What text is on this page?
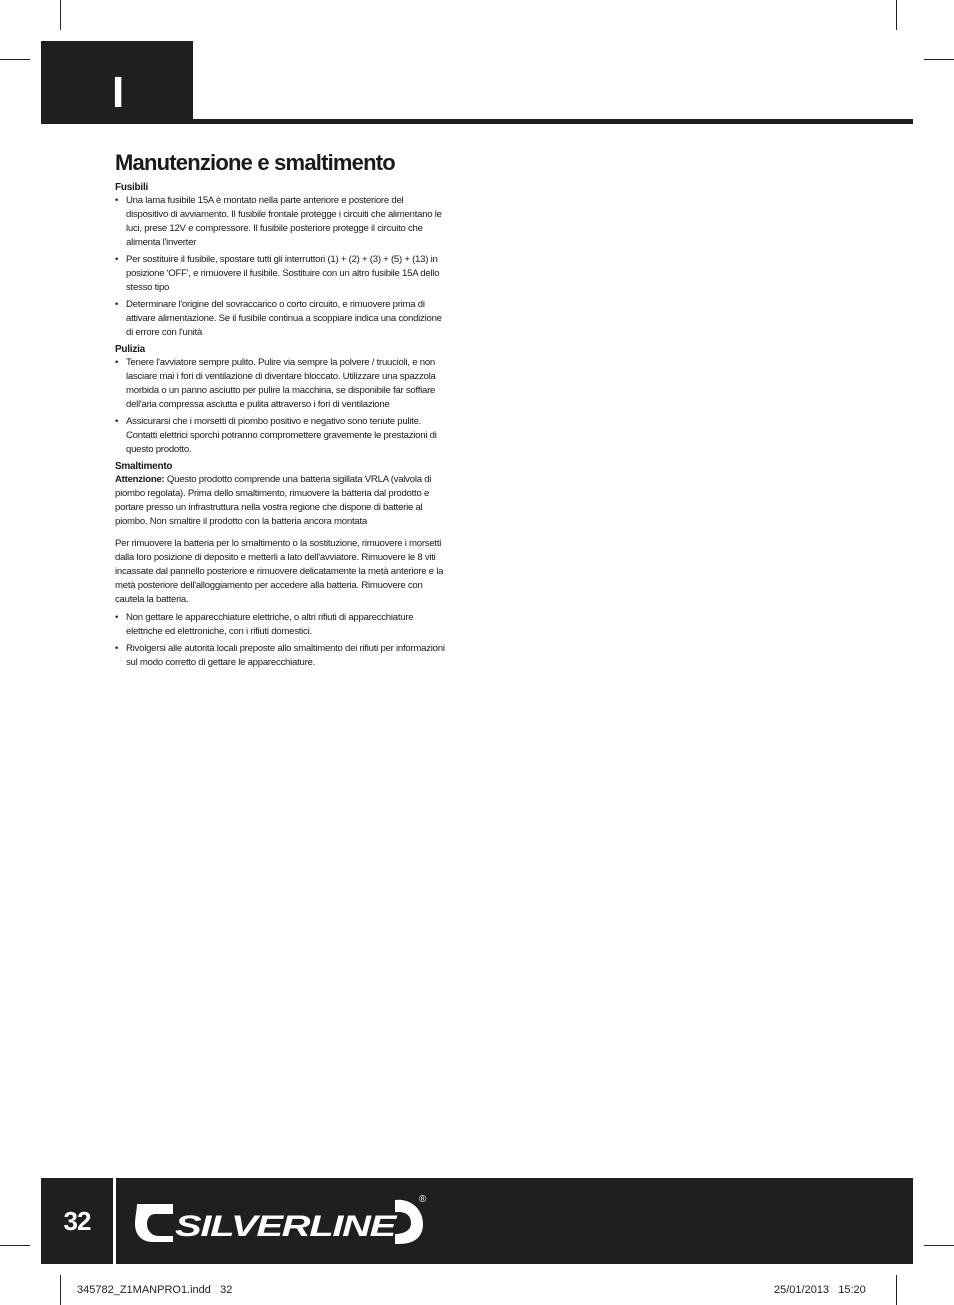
I
Manutenzione e smaltimento
Fusibili
• Una lama fusibile 15A è montato nella parte anteriore e posteriore del dispositivo di avviamento. Il fusibile frontale protegge i circuiti che alimentano le luci, prese 12V e compressore. Il fusibile posteriore protegge il circuito che alimenta l'inverter
• Per sostituire il fusibile, spostare tutti gli interruttori (1) + (2) + (3) + (5) + (13) in posizione 'OFF', e rimuovere il fusibile. Sostituire con un altro fusibile 15A dello stesso tipo
• Determinare l'origine del sovraccarico o corto circuito, e rimuovere prima di attivare alimentazione. Se il fusibile continua a scoppiare indica una condizione di errore con l'unità
Pulizia
• Tenere l'avviatore sempre pulito. Pulire via sempre la polvere / truucioli, e non lasciare mai i fori di ventilazione di diventare bloccato. Utilizzare una spazzola morbida o un panno asciutto per pulire la macchina, se disponibile far soffiare dell'aria compressa asciutta e pulita attraverso i fori di ventilazione
• Assicurarsi che i morsetti di piombo positivo e negativo sono tenute pulite. Contatti elettrici sporchi potranno compromettere gravemente le prestazioni di questo prodotto.
Smaltimento

Attenzione: Questo prodotto comprende una batteria sigillata VRLA (valvola di piombo regolata). Prima dello smaltimento, rimuovere la batteria dal prodotto e portare presso un infrastruttura nella vostra regione che dispone di batterie al piombo. Non smaltire il prodotto con la batteria ancora montata

Per rimuovere la batteria per lo smaltimento o la sostituzione, rimuovere i morsetti dalla loro posizione di deposito e metterli a lato dell'avviatore. Rimuovere le 8 viti incassate dal pannello posteriore e rimuovere delicatamente la metà anteriore e la metà posteriore dell'alloggiamento per accedere alla batteria. Rimuovere con cautela la batteria.

• Non gettare le apparecchiature elettriche, o altri rifiuti di apparecchiature elettriche ed elettroniche, con i rifiuti domestici.
• Rivolgersi alle autorità locali preposte allo smaltimento dei rifiuti per informazioni sul modo corretto di gettare le apparecchiature.
32	SILVERLINE
®
345782_Z1MANPRO1.indd   32	25/01/2013   15:20
